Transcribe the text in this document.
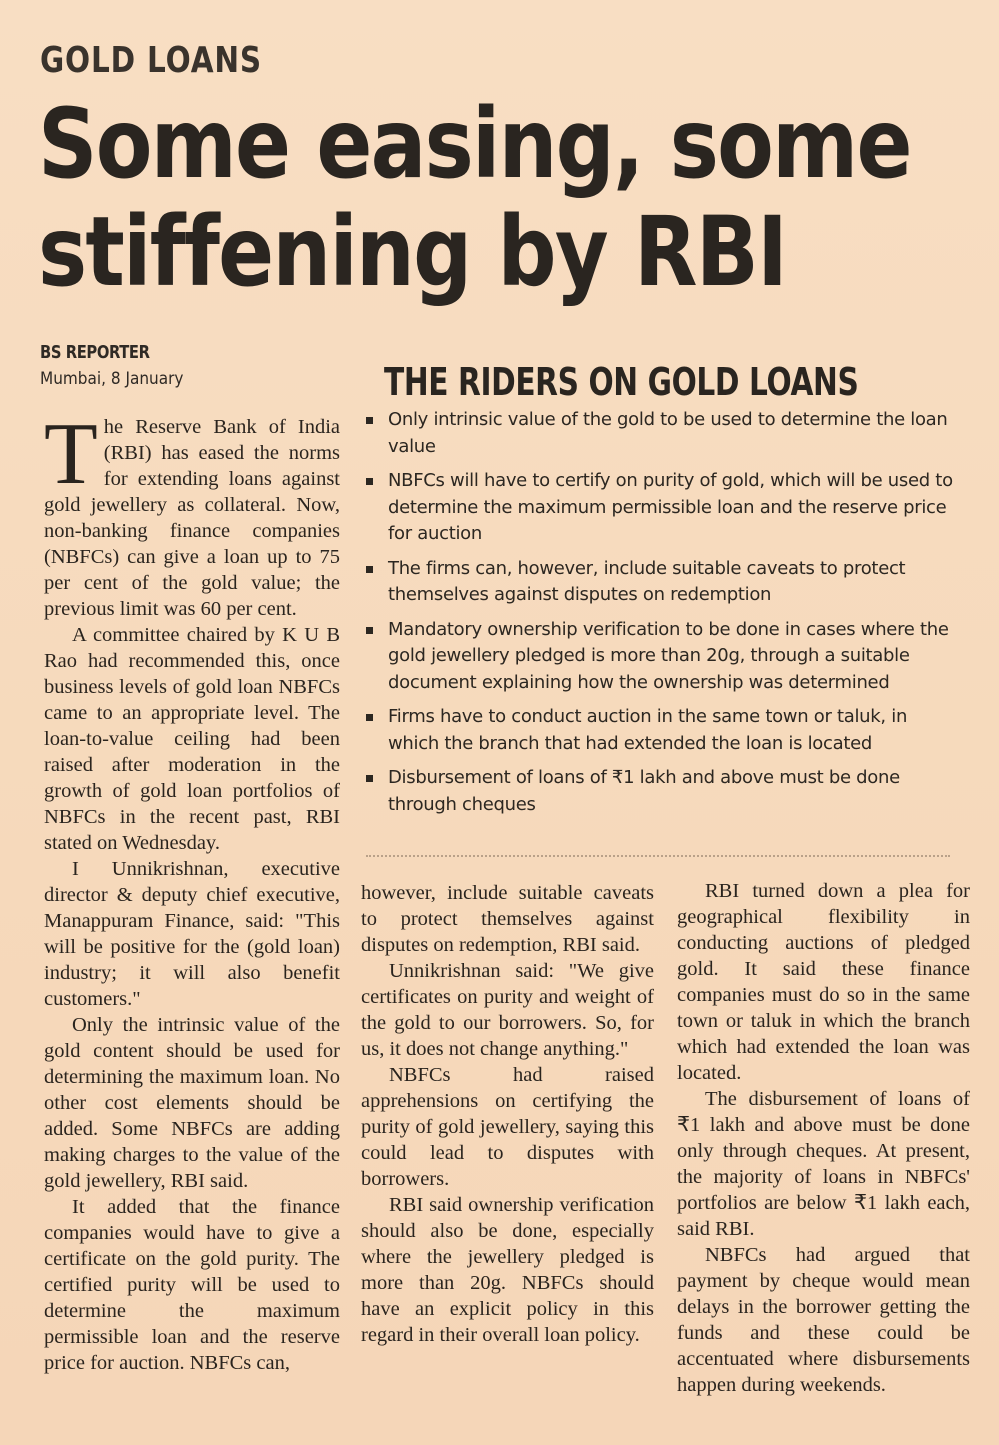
GOLD LOANS
Some easing, some
stiffening by RBI
BS REPORTER
Mumbai, 8 January	THE RIDERS ON GOLD LOANS
Only intrinsic value of the gold to be used to determine the loan value
NBFCs will have to certify on purity of gold, which will be used to determine the maximum permissible loan and the reserve price for auction
The firms can, however, include suitable caveats to protect themselves against disputes on redemption
Mandatory ownership verification to be done in cases where the gold jewellery pledged is more than 20g, through a suitable document explaining how the ownership was determined
Firms have to conduct auction in the same town or taluk, in which the branch that had extended the loan is located
Disbursement of loans of ₹1 lakh and above must be done through cheques

The Reserve Bank of India (RBI) has eased the norms for extending loans against gold jewellery as collateral. Now, non-banking finance companies (NBFCs) can give a loan up to 75 per cent of the gold value; the previous limit was 60 per cent.

A committee chaired by K U B Rao had recommended this, once business levels of gold loan NBFCs came to an appropriate level. The loan-to-value ceiling had been raised after moderation in the growth of gold loan portfolios of NBFCs in the recent past, RBI stated on Wednesday.

I Unnikrishnan, executive director & deputy chief executive, Manappuram Finance, said: "This will be positive for the (gold loan) industry; it will also benefit customers."

Only the intrinsic value of the gold content should be used for determining the maximum loan. No other cost elements should be added. Some NBFCs are adding making charges to the value of the gold jewellery, RBI said.

It added that the finance companies would have to give a certificate on the gold purity. The certified purity will be used to determine the maximum permissible loan and the reserve price for auction. NBFCs can,

however, include suitable caveats to protect themselves against disputes on redemption, RBI said.

Unnikrishnan said: "We give certificates on purity and weight of the gold to our borrowers. So, for us, it does not change anything."

NBFCs had raised apprehensions on certifying the purity of gold jewellery, saying this could lead to disputes with borrowers.

RBI said ownership verification should also be done, especially where the jewellery pledged is more than 20g. NBFCs should have an explicit policy in this regard in their overall loan policy.

RBI turned down a plea for geographical flexibility in conducting auctions of pledged gold. It said these finance companies must do so in the same town or taluk in which the branch which had extended the loan was located.

The disbursement of loans of ₹1 lakh and above must be done only through cheques. At present, the majority of loans in NBFCs' portfolios are below ₹1 lakh each, said RBI.

NBFCs had argued that payment by cheque would mean delays in the borrower getting the funds and these could be accentuated where disbursements happen during weekends.
